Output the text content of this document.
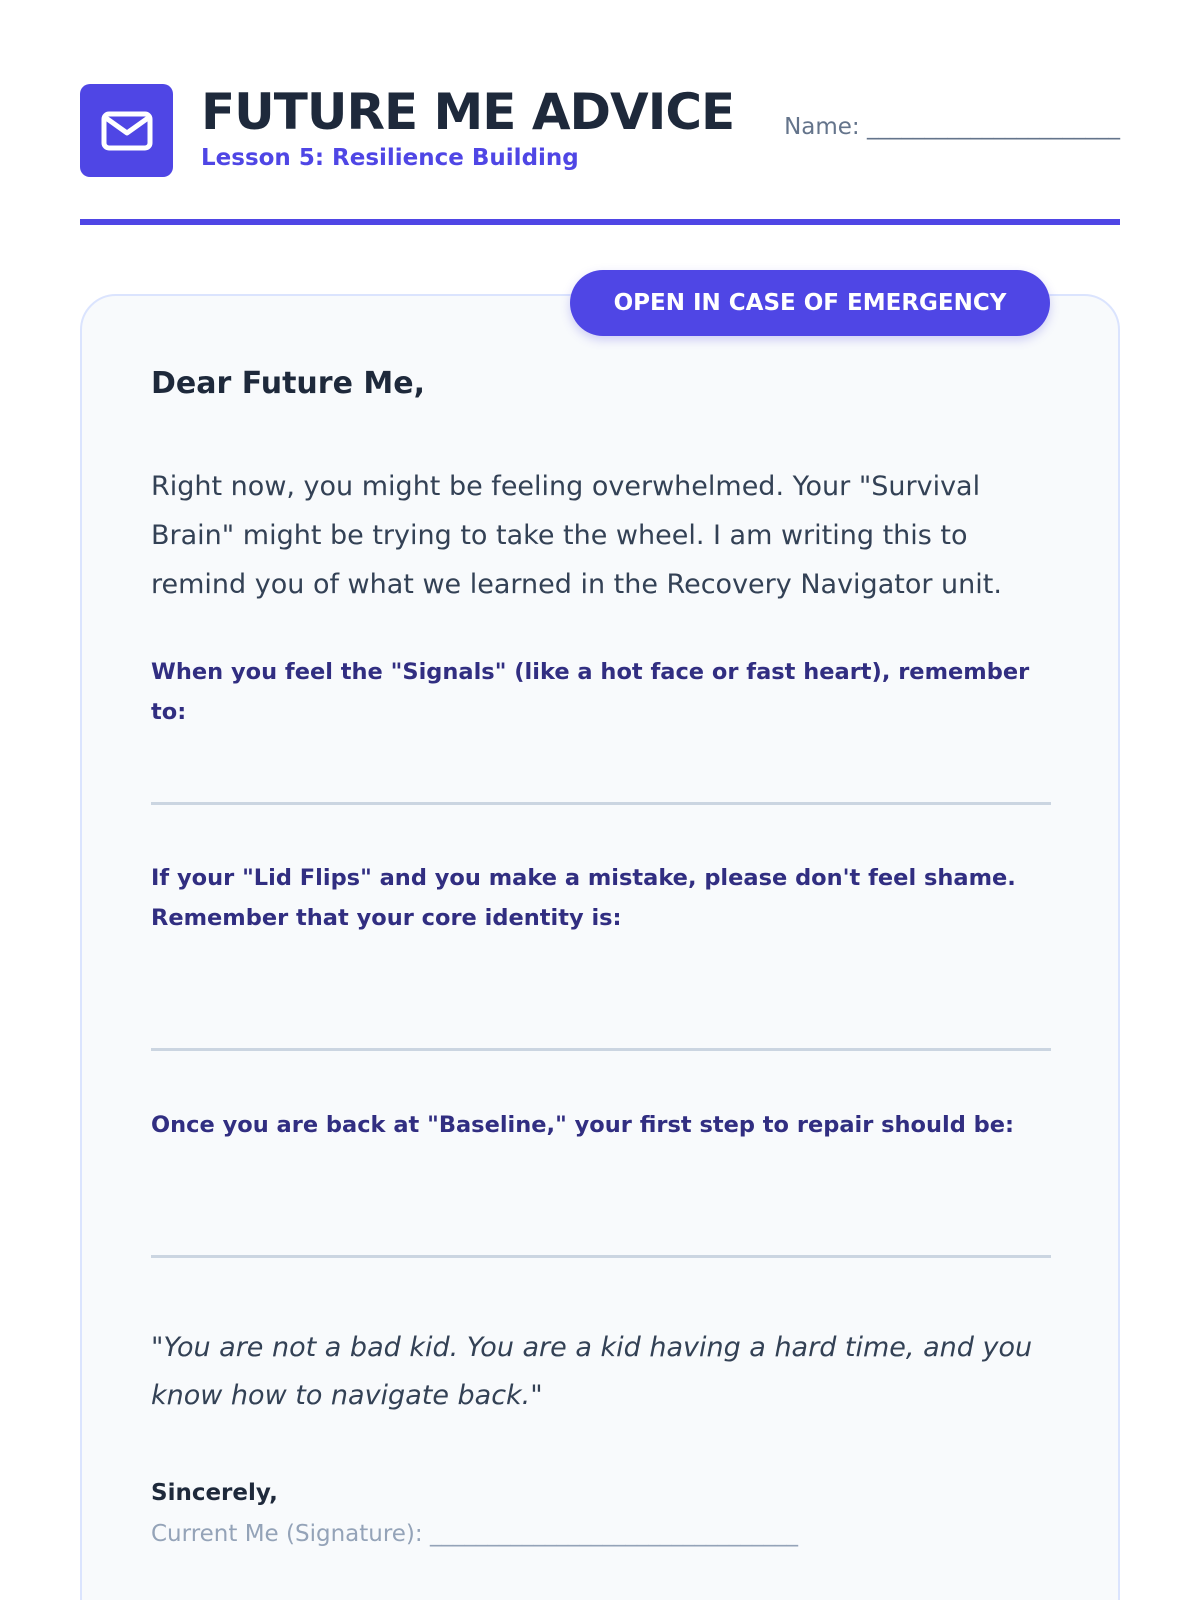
FUTURE ME ADVICE
Lesson 5: Resilience Building
Name: ______________________
OPEN IN CASE OF EMERGENCY
Dear Future Me,
Right now, you might be feeling overwhelmed. Your "Survival Brain" might be trying to take the wheel. I am writing this to remind you of what we learned in the Recovery Navigator unit.
When you feel the "Signals" (like a hot face or fast heart), remember to:
If your "Lid Flips" and you make a mistake, please don't feel shame. Remember that your core identity is:
Once you are back at "Baseline," your first step to repair should be:
"You are not a bad kid. You are a kid having a hard time, and you know how to navigate back."
Sincerely,
Current Me (Signature): ________________________________
